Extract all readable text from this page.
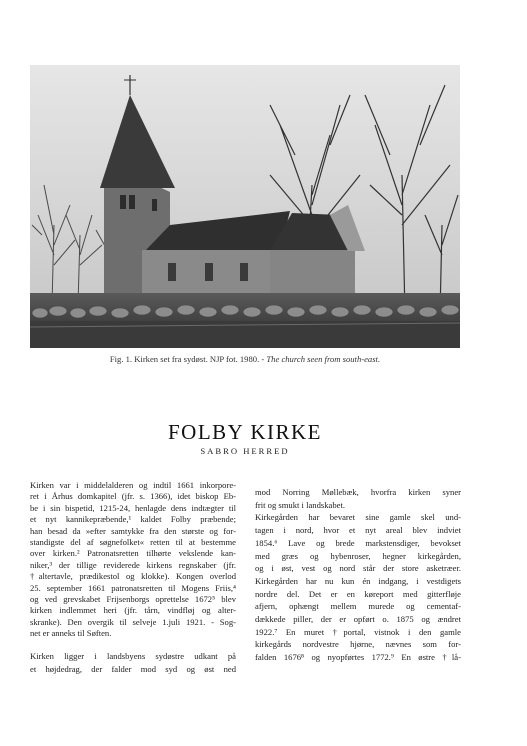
Fig. 1. Kirken set fra sydøst. NJP fot. 1980. - The church seen from south-east.
FOLBY KIRKE
SABRO HERRED

Kirken var i middelalderen og indtil 1661 inkorpore-
ret i Århus domkapitel (jfr. s. 1366), idet biskop Eb-
be i sin bispetid, 1215-24, henlagde dens indtægter til
et nyt kannikepræbende,¹ kaldet Folby præbende;
han besad da »efter samtykke fra den største og for-
standigste del af søgnefolket« retten til at bestemme
over kirken.² Patronatsretten tilhørte vekslende kan-
niker,³ der tillige reviderede kirkens regnskaber (jfr.
†altertavle, prædikestol og klokke). Kongen overlod
25. september 1661 patronatsretten til Mogens Friis,⁴
og ved grevskabet Frijsenborgs oprettelse 1672⁵ blev
kirken indlemmet heri (jfr. tårn, vindfløj og alter-
skranke). Den overgik til selveje 1.juli 1921. - Sog-
net er anneks til Søften.

Kirken ligger i landsbyens sydøstre udkant på
et højdedrag, der falder mod syd og øst ned

mod Norring Møllebæk, hvorfra kirken syner
frit og smukt i landskabet.
Kirkegården har bevaret sine gamle skel und-
tagen i nord, hvor et nyt areal blev indviet
1854.⁶ Lave og brede markstensdiger, bevokset
med græs og hybenroser, hegner kirkegården,
og i øst, vest og nord står der store asketræer.
Kirkegården har nu kun én indgang, i vestdigets
nordre del. Det er en køreport med gitterfløje
afjern, ophængt mellem murede og cementaf-
dækkede piller, der er opført o. 1875 og ændret
1922.⁷ En muret †portal, vistnok i den gamle
kirkegårds nordvestre hjørne, nævnes som for-
falden 1676⁸ og nyopførtes 1772.⁹ En østre †lå-
